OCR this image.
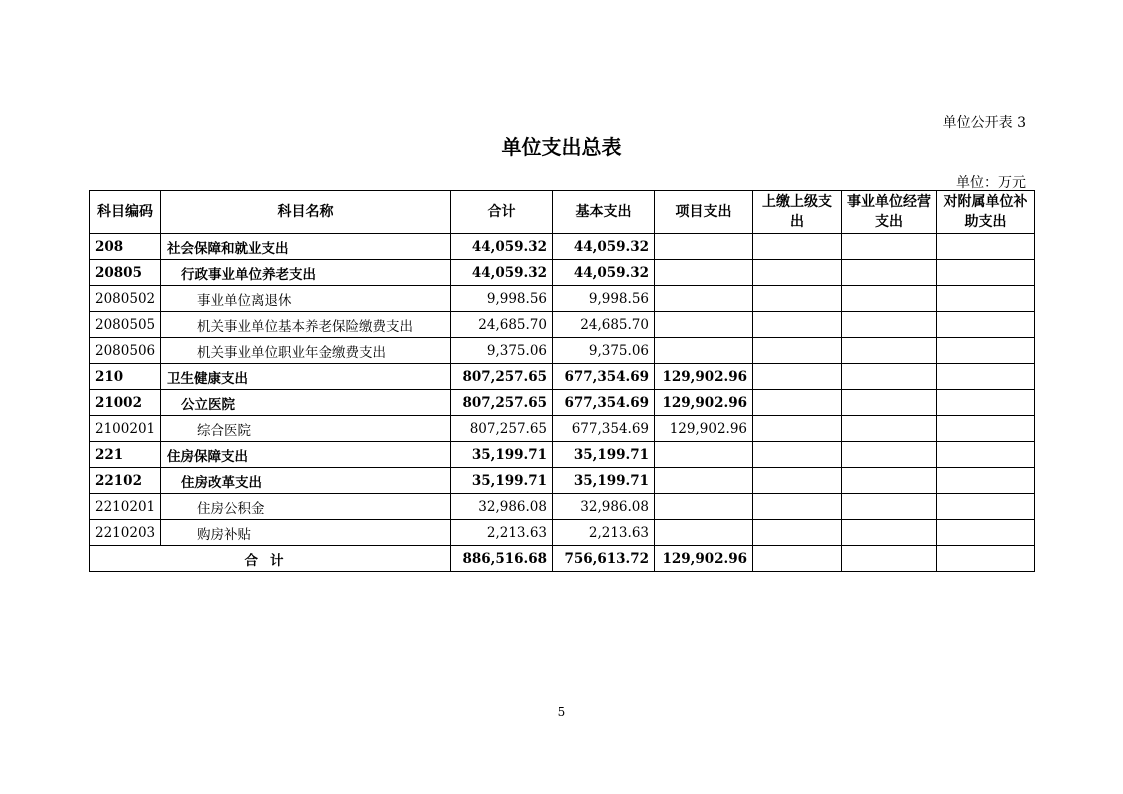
单位公开表 3
单位支出总表
单位：万元
科目编码	科目名称	合计	基本支出	项目支出	上缴上级支出	事业单位经营支出	对附属单位补助支出
208	社会保障和就业支出	44,059.32	44,059.32				
20805	行政事业单位养老支出	44,059.32	44,059.32				
2080502	事业单位离退休	9,998.56	9,998.56				
2080505	机关事业单位基本养老保险缴费支出	24,685.70	24,685.70				
2080506	机关事业单位职业年金缴费支出	9,375.06	9,375.06				
210	卫生健康支出	807,257.65	677,354.69	129,902.96			
21002	公立医院	807,257.65	677,354.69	129,902.96			
2100201	综合医院	807,257.65	677,354.69	129,902.96			
221	住房保障支出	35,199.71	35,199.71				
22102	住房改革支出	35,199.71	35,199.71				
2210201	住房公积金	32,986.08	32,986.08				
2210203	购房补贴	2,213.63	2,213.63				
合计		886,516.68	756,613.72	129,902.96			
5
